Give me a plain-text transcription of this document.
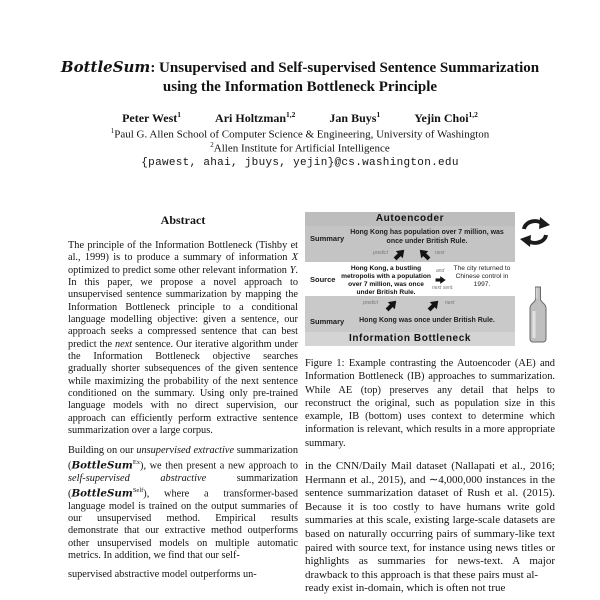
BottleSum: Unsupervised and Self-supervised Sentence Summarization
using the Information Bottleneck Principle
Peter West$^1$	Ari Holtzman$^{1,2}$	Jan Buys$^1$	Yejin Choi$^{1,2}$
$^1$Paul G. Allen School of Computer Science & Engineering, University of Washington
$^2$Allen Institute for Artificial Intelligence
{pawest, ahai, jbuys, yejin}@cs.washington.edu
Abstract

The principle of the Information Bottleneck (Tishby et al., 1999) is to produce a summary of information X optimized to predict some other relevant information Y. In this paper, we propose a novel approach to unsupervised sentence summarization by mapping the Information Bottleneck principle to a conditional language modelling objective: given a sentence, our approach seeks a compressed sentence that can best predict the next sentence. Our iterative algorithm under the Information Bottleneck objective searches gradually shorter subsequences of the given sentence while maximizing the probability of the next sentence conditioned on the summary. Using only pre-trained language models with no direct supervision, our approach can efficiently perform extractive sentence summarization over a large corpus.

Building on our unsupervised extractive summarization (BottleSum$^{Ex}$), we then present a new approach to self-supervised abstractive summarization (BottleSum$^{Self}$), where a transformer-based language model is trained on the output summaries of our unsupervised method. Empirical results demonstrate that our extractive method outperforms other unsupervised models on multiple automatic metrics. In addition, we find that our self-

supervised abstractive model outperforms un-
Autoencoder
Summary
Hong Kong has population over 7 million, was once under British Rule.
predict	next
Source
Hong Kong, a bustling metropolis with a population over 7 million, was once under British Rule.
and
next sent.
The city returned to Chinese control in 1997.
predict	next
Summary	Hong Kong was once under British Rule.
Information Bottleneck
Figure 1: Example contrasting the Autoencoder (AE) and Information Bottleneck (IB) approaches to summarization. While AE (top) preserves any detail that helps to reconstruct the original, such as population size in this example, IB (bottom) uses context to determine which information is relevant, which results in a more appropriate summary.
in the CNN/Daily Mail dataset (Nallapati et al., 2016; Hermann et al., 2015), and ∼4,000,000 instances in the sentence summarization dataset of Rush et al. (2015). Because it is too costly to have humans write gold summaries at this scale, existing large-scale datasets are based on naturally occurring pairs of summary-like text paired with source text, for instance using news titles or highlights as summaries for news-text. A major drawback to this approach is that these pairs must al-
ready exist in-domain, which is often not true
